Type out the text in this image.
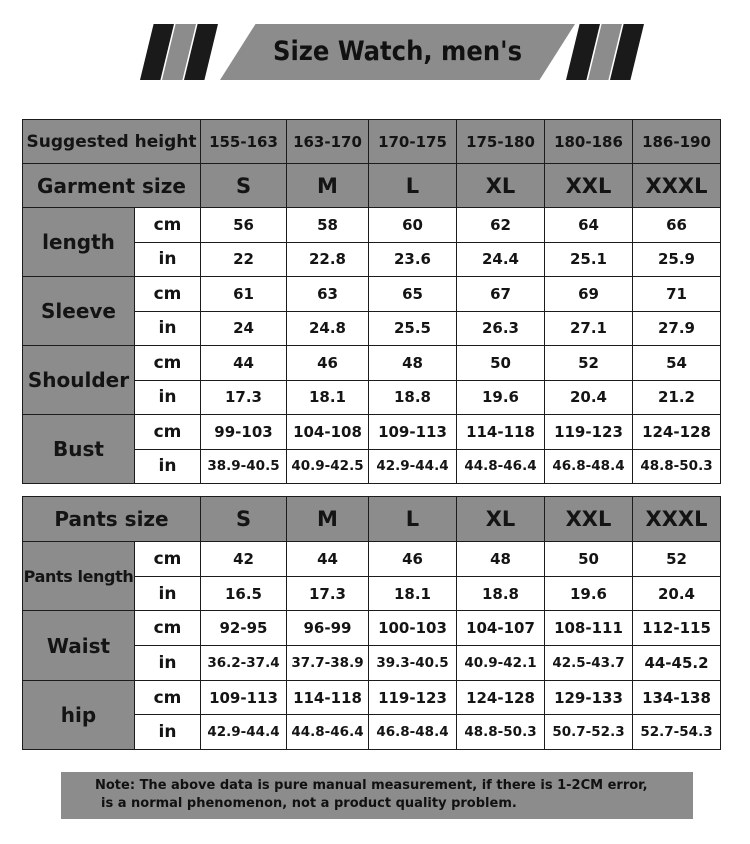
Size Watch, men's
Suggested height		155-163	163-170	170-175	175-180	180-186	186-190
Garment size		S	M	L	XL	XXL	XXXL
length	cm	56	58	60	62	64	66
	in	22	22.8	23.6	24.4	25.1	25.9
Sleeve	cm	61	63	65	67	69	71
	in	24	24.8	25.5	26.3	27.1	27.9
Shoulder	cm	44	46	48	50	52	54
	in	17.3	18.1	18.8	19.6	20.4	21.2
Bust	cm	99-103	104-108	109-113	114-118	119-123	124-128
	in	38.9-40.5	40.9-42.5	42.9-44.4	44.8-46.4	46.8-48.4	48.8-50.3
Pants size		S	M	L	XL	XXL	XXXL
Pants length	cm	42	44	46	48	50	52
	in	16.5	17.3	18.1	18.8	19.6	20.4
Waist	cm	92-95	96-99	100-103	104-107	108-111	112-115
	in	36.2-37.4	37.7-38.9	39.3-40.5	40.9-42.1	42.5-43.7	44-45.2
hip	cm	109-113	114-118	119-123	124-128	129-133	134-138
	in	42.9-44.4	44.8-46.4	46.8-48.4	48.8-50.3	50.7-52.3	52.7-54.3
Note: The above data is pure manual measurement, if there is 1-2CM error,
is a normal phenomenon, not a product quality problem.
